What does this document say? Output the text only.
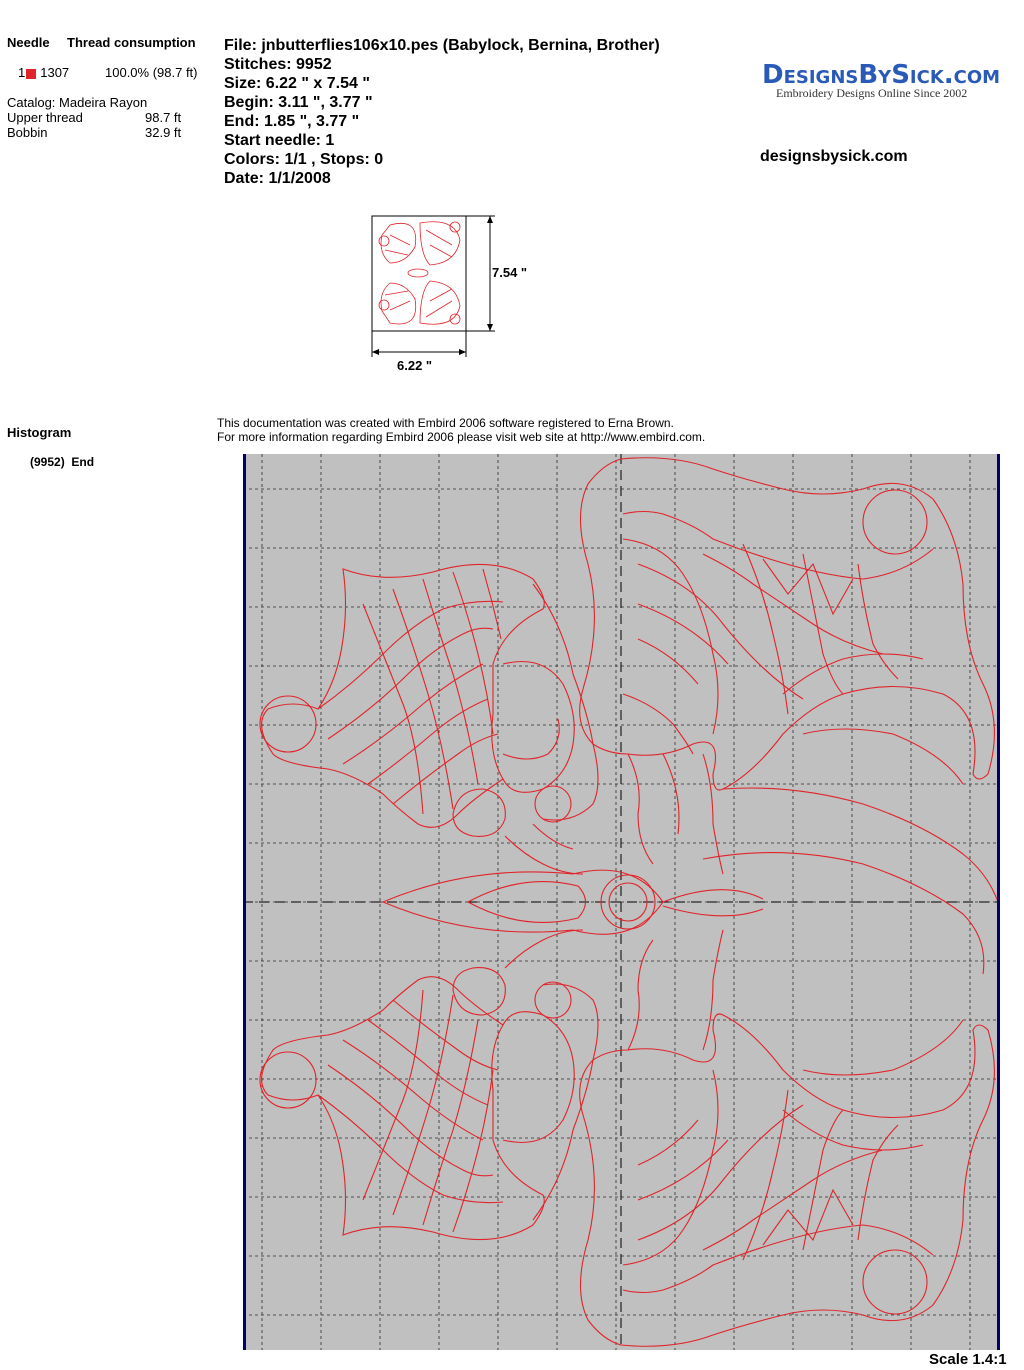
Needle Thread consumption
1 1307	100.0% (98.7 ft)
Catalog: Madeira Rayon
Upper thread	98.7 ft
Bobbin	32.9 ft
Histogram
(9952) End
File: jnbutterflies106x10.pes (Babylock, Bernina, Brother)
Stitches: 9952
Size: 6.22 " x 7.54 "
Begin: 3.11 ", 3.77 "
End: 1.85 ", 3.77 "
Start needle: 1
Colors: 1/1 , Stops: 0
Date: 1/1/2008
DesignsBySick.com
Embroidery Designs Online Since 2002
designsbysick.com
7.54 "
6.22 "
This documentation was created with Embird 2006 software registered to Erna Brown.
For more information regarding Embird 2006 please visit web site at http://www.embird.com.
Scale 1.4:1
